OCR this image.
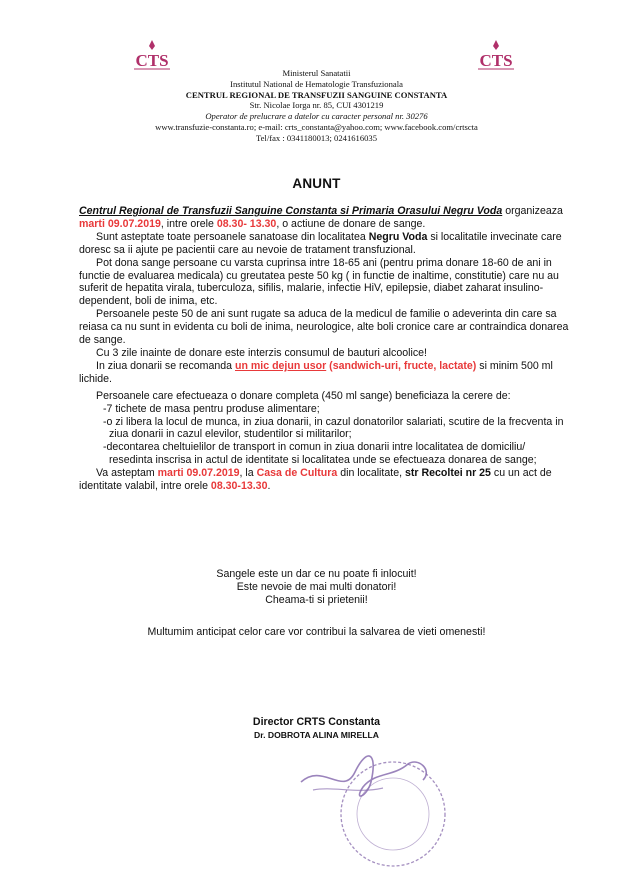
CTS	CTS
Ministerul Sanatatii
Institutul National de Hematologie Transfuzionala
CENTRUL REGIONAL DE TRANSFUZII SANGUINE CONSTANTA
Str. Nicolae Iorga nr. 85, CUI 4301219
Operator de prelucrare a datelor cu caracter personal nr. 30276
www.transfuzie-constanta.ro; e-mail: crts_constanta@yahoo.com; www.facebook.com/crtscta
Tel/fax : 0341180013; 0241616035
ANUNT

Centrul Regional de Transfuzii Sanguine Constanta si Primaria Orasului Negru Voda organizeaza marti 09.07.2019, intre orele 08.30- 13.30, o actiune de donare de sange.

Sunt asteptate toate persoanele sanatoase din localitatea Negru Voda si localitatile invecinate care doresc sa ii ajute pe pacientii care au nevoie de tratament transfuzional.

Pot dona sange persoane cu varsta cuprinsa intre 18-65 ani (pentru prima donare 18-60 de ani in functie de evaluarea medicala) cu greutatea peste 50 kg ( in functie de inaltime, constitutie) care nu au suferit de hepatita virala, tuberculoza, sifilis, malarie, infectie HiV, epilepsie, diabet zaharat insulino-dependent, boli de inima, etc.

Persoanele peste 50 de ani sunt rugate sa aduca de la medicul de familie o adeverinta din care sa reiasa ca nu sunt in evidenta cu boli de inima, neurologice, alte boli cronice care ar contraindica donarea de sange.

Cu 3 zile inainte de donare este interzis consumul de bauturi alcoolice!

In ziua donarii se recomanda un mic dejun usor (sandwich-uri, fructe, lactate) si minim 500 ml lichide.

Persoanele care efectueaza o donare completa (450 ml sange) beneficiaza la cerere de:

-7 tichete de masa pentru produse alimentare;

-o zi libera la locul de munca, in ziua donarii, in cazul donatorilor salariati, scutire de la frecventa in ziua donarii in cazul elevilor, studentilor si militarilor;

-decontarea cheltuielilor de transport in comun in ziua donarii intre localitatea de domiciliu/ resedinta inscrisa in actul de identitate si localitatea unde se efectueaza donarea de sange;

Va asteptam marti 09.07.2019, la Casa de Cultura din localitate, str Recoltei nr 25 cu un act de identitate valabil, intre orele 08.30-13.30.

Sangele este un dar ce nu poate fi inlocuit!
Este nevoie de mai multi donatori!
Cheama-ti si prietenii!
Multumim anticipat celor care vor contribui la salvarea de vieti omenesti!
Director CRTS Constanta
Dr. DOBROTA ALINA MIRELLA
